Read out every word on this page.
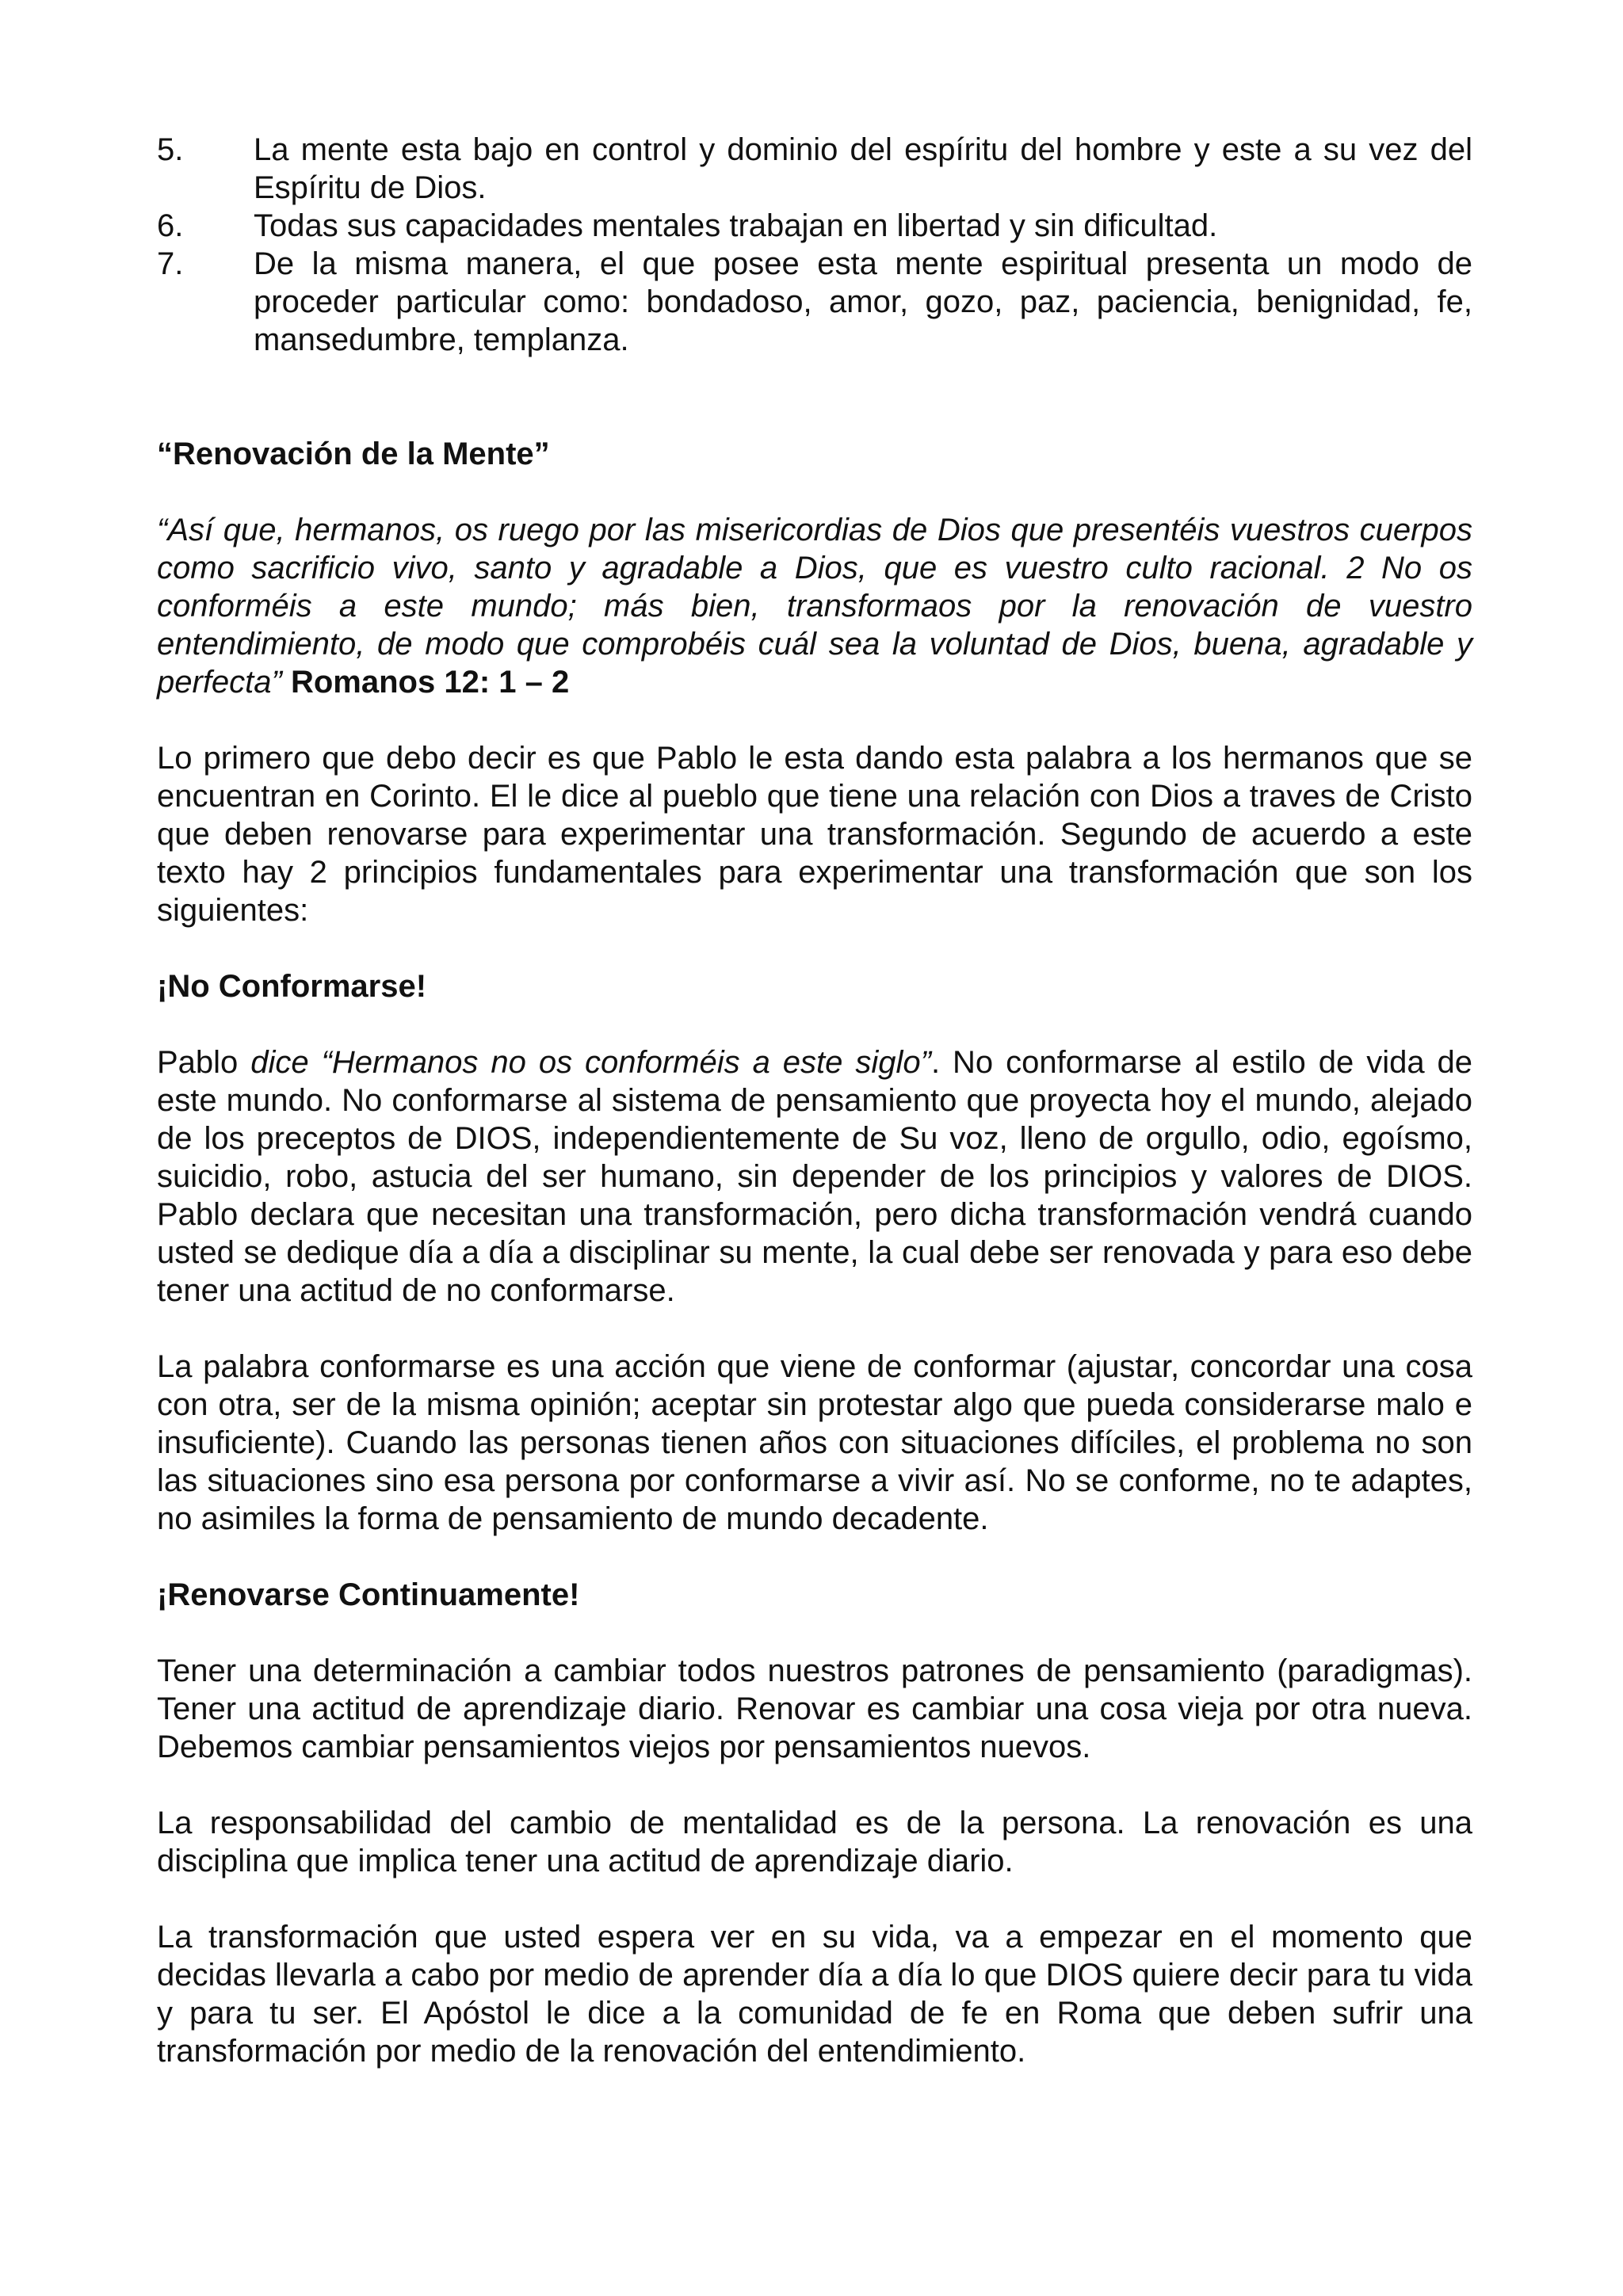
5.	La mente esta bajo en control y dominio del espíritu del hombre y este a su vez del Espíritu de Dios.
6.	Todas sus capacidades mentales trabajan en libertad y sin dificultad.
7.	De la misma manera, el que posee esta mente espiritual presenta un modo de proceder particular como: bondadoso, amor, gozo, paz, paciencia, benignidad, fe, mansedumbre, templanza.
“Renovación de la Mente”

“Así que, hermanos, os ruego por las misericordias de Dios que presentéis vuestros cuerpos como sacrificio vivo, santo y agradable a Dios, que es vuestro culto racional. 2 No os conforméis a este mundo; más bien, transformaos por la renovación de vuestro entendimiento, de modo que comprobéis cuál sea la voluntad de Dios, buena, agradable y perfecta” Romanos 12: 1 – 2

Lo primero que debo decir es que Pablo le esta dando esta palabra a los hermanos que se encuentran en Corinto. El le dice al pueblo que tiene una relación con Dios a traves de Cristo que deben renovarse para experimentar una transformación. Segundo de acuerdo a este texto hay 2 principios fundamentales para experimentar una transformación que son los siguientes:

¡No Conformarse!

Pablo dice “Hermanos no os conforméis a este siglo”. No conformarse al estilo de vida de este mundo. No conformarse al sistema de pensamiento que proyecta hoy el mundo, alejado de los preceptos de DIOS, independientemente de Su voz, lleno de orgullo, odio, egoísmo, suicidio, robo, astucia del ser humano, sin depender de los principios y valores de DIOS. Pablo declara que necesitan una transformación, pero dicha transformación vendrá cuando usted se dedique día a día a disciplinar su mente, la cual debe ser renovada y para eso debe tener una actitud de no conformarse.

La palabra conformarse es una acción que viene de conformar (ajustar, concordar una cosa con otra, ser de la misma opinión; aceptar sin protestar algo que pueda considerarse malo e insuficiente). Cuando las personas tienen años con situaciones difíciles, el problema no son las situaciones sino esa persona por conformarse a vivir así. No se conforme, no te adaptes, no asimiles la forma de pensamiento de mundo decadente.

¡Renovarse Continuamente!

Tener una determinación a cambiar todos nuestros patrones de pensamiento (paradigmas). Tener una actitud de aprendizaje diario. Renovar es cambiar una cosa vieja por otra nueva. Debemos cambiar pensamientos viejos por pensamientos nuevos.

La responsabilidad del cambio de mentalidad es de la persona. La renovación es una disciplina que implica tener una actitud de aprendizaje diario.

La transformación que usted espera ver en su vida, va a empezar en el momento que decidas llevarla a cabo por medio de aprender día a día lo que DIOS quiere decir para tu vida y para tu ser. El Apóstol le dice a la comunidad de fe en Roma que deben sufrir una transformación por medio de la renovación del entendimiento.
